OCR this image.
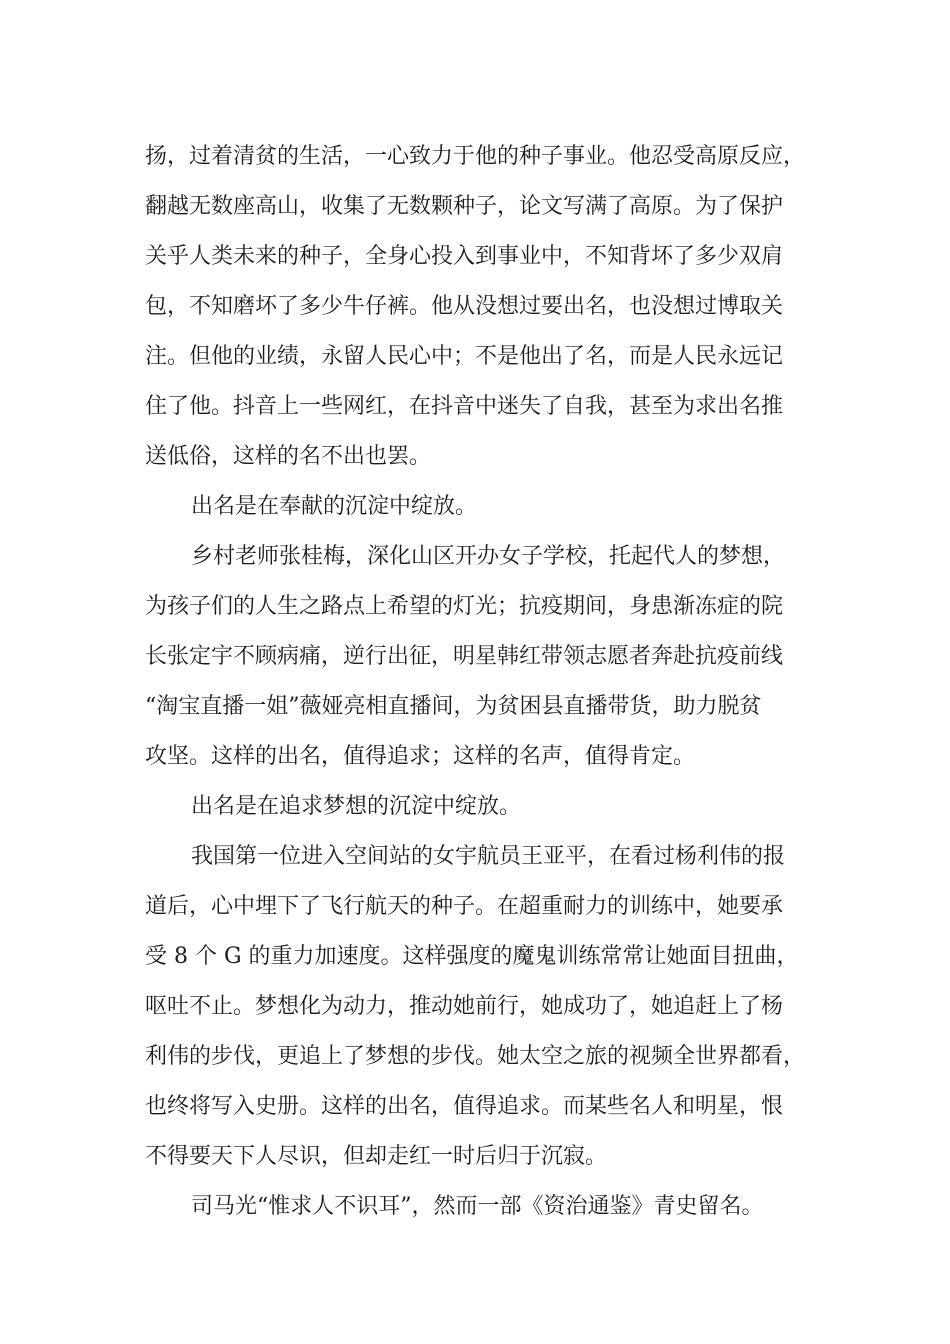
扬，过着清贫的生活，一心致力于他的种子事业。他忍受高原反应，
翻越无数座高山，收集了无数颗种子，论文写满了高原。为了保护
关乎人类未来的种子，全身心投入到事业中，不知背坏了多少双肩
包，不知磨坏了多少牛仔裤。他从没想过要出名，也没想过博取关
注。但他的业绩，永留人民心中；不是他出了名，而是人民永远记
住了他。抖音上一些网红，在抖音中迷失了自我，甚至为求出名推
送低俗，这样的名不出也罢。
出名是在奉献的沉淀中绽放。
乡村老师张桂梅，深化山区开办女子学校，托起代人的梦想，
为孩子们的人生之路点上希望的灯光；抗疫期间，身患渐冻症的院
长张定宇不顾病痛，逆行出征，明星韩红带领志愿者奔赴抗疫前线
“淘宝直播一姐”薇娅亮相直播间，为贫困县直播带货，助力脱贫
攻坚。这样的出名，值得追求；这样的名声，值得肯定。
出名是在追求梦想的沉淀中绽放。
我国第一位进入空间站的女宇航员王亚平，在看过杨利伟的报
道后，心中埋下了飞行航天的种子。在超重耐力的训练中，她要承
受 8 个 G 的重力加速度。这样强度的魔鬼训练常常让她面目扭曲，
呕吐不止。梦想化为动力，推动她前行，她成功了，她追赶上了杨
利伟的步伐，更追上了梦想的步伐。她太空之旅的视频全世界都看，
也终将写入史册。这样的出名，值得追求。而某些名人和明星，恨
不得要天下人尽识，但却走红一时后归于沉寂。
司马光“惟求人不识耳”，然而一部《资治通鉴》青史留名。
